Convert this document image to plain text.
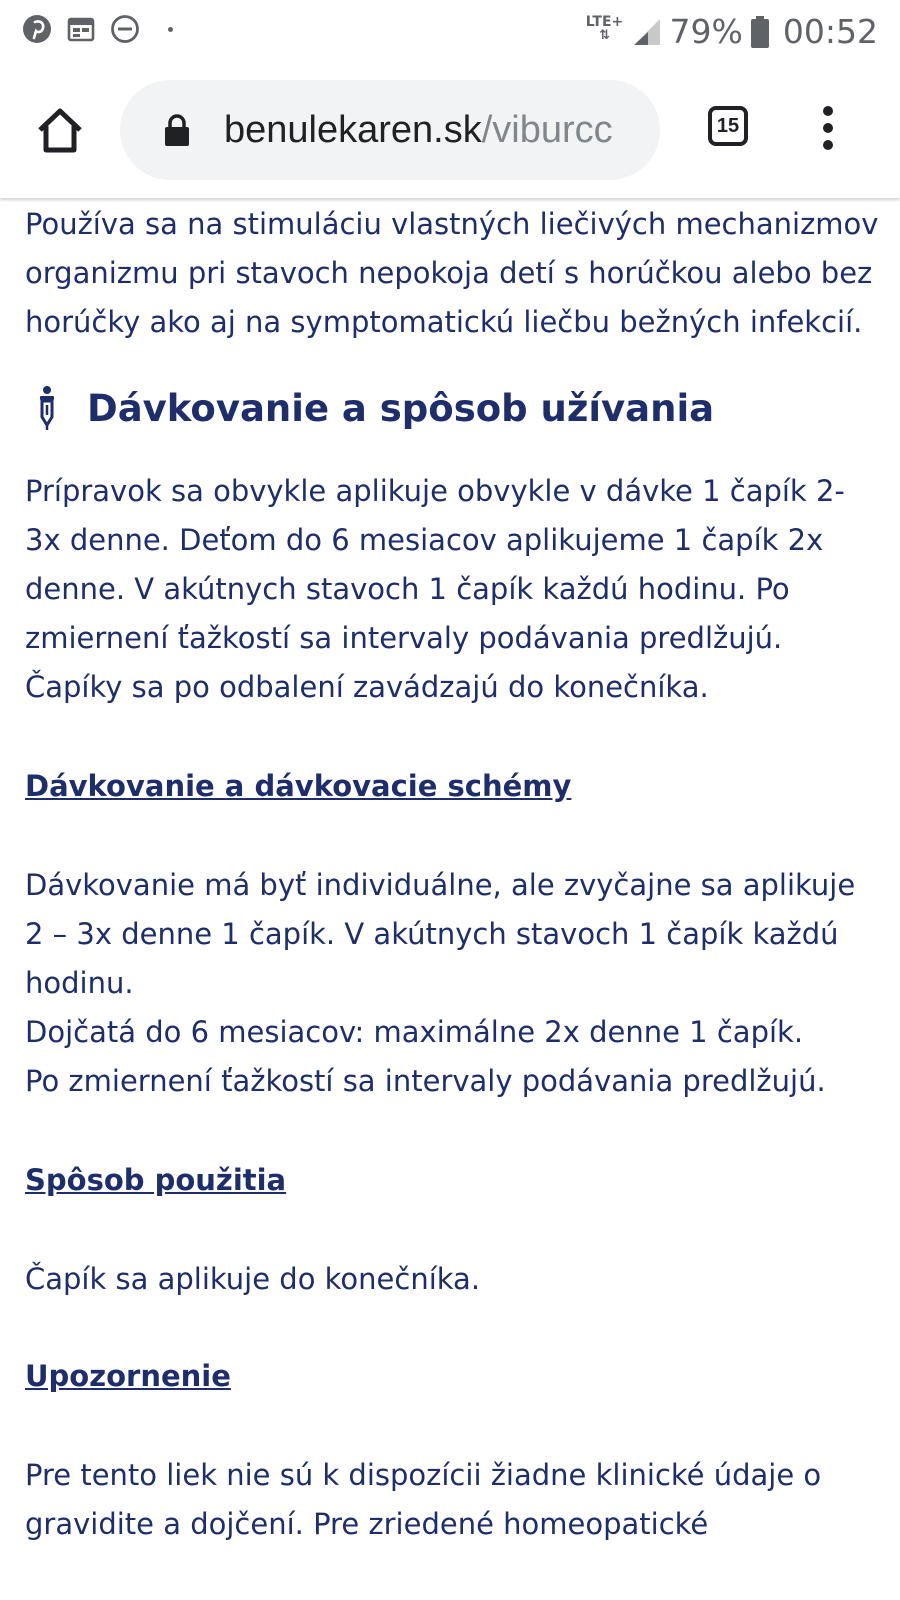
LTE+
⇅	79% 00:52
benulekaren.sk/viburcc	15

Používa sa na stimuláciu vlastných liečivých mechanizmov organizmu pri stavoch nepokoja detí s horúčkou alebo bez horúčky ako aj na symptomatickú liečbu bežných infekcií.

Dávkovanie a spôsob užívania

Prípravok sa obvykle aplikuje obvykle v dávke 1 čapík 2-3x denne. Deťom do 6 mesiacov aplikujeme 1 čapík 2x denne. V akútnych stavoch 1 čapík každú hodinu. Po zmiernení ťažkostí sa intervaly podávania predlžujú. Čapíky sa po odbalení zavádzajú do konečníka.

Dávkovanie a dávkovacie schémy

Dávkovanie má byť individuálne, ale zvyčajne sa aplikuje 2 – 3x denne 1 čapík. V akútnych stavoch 1 čapík každú hodinu.

Dojčatá do 6 mesiacov: maximálne 2x denne 1 čapík.

Po zmiernení ťažkostí sa intervaly podávania predlžujú.

Spôsob použitia

Čapík sa aplikuje do konečníka.

Upozornenie

Pre tento liek nie sú k dispozícii žiadne klinické údaje o gravidite a dojčení. Pre zriedené homeopatické
